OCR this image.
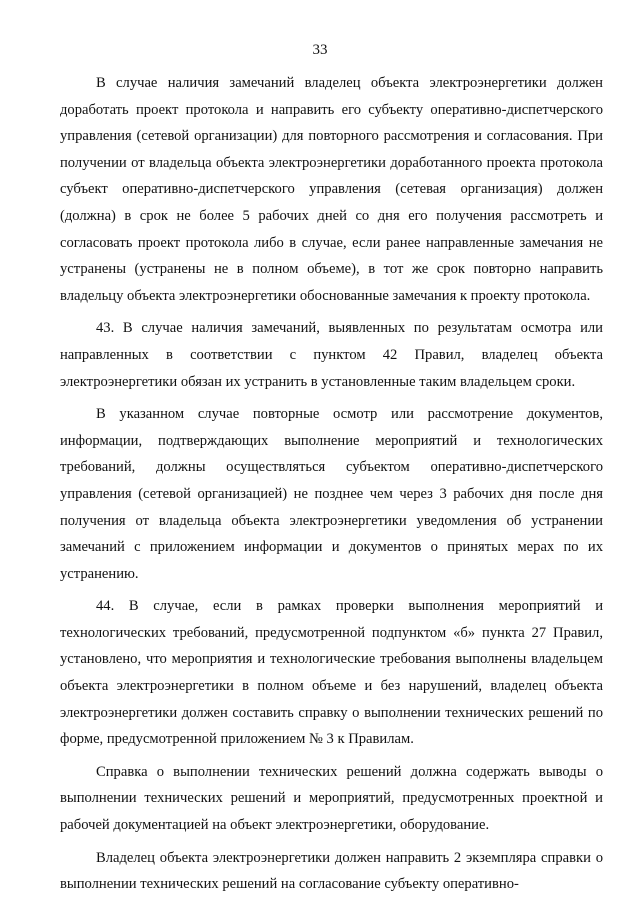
33

В случае наличия замечаний владелец объекта электроэнергетики должен доработать проект протокола и направить его субъекту оперативно-диспетчерского управления (сетевой организации) для повторного рассмотрения и согласования. При получении от владельца объекта электроэнергетики доработанного проекта протокола субъект оперативно-диспетчерского управления (сетевая организация) должен (должна) в срок не более 5 рабочих дней со дня его получения рассмотреть и согласовать проект протокола либо в случае, если ранее направленные замечания не устранены (устранены не в полном объеме), в тот же срок повторно направить владельцу объекта электроэнергетики обоснованные замечания к проекту протокола.

43. В случае наличия замечаний, выявленных по результатам осмотра или направленных в соответствии с пунктом 42 Правил, владелец объекта электроэнергетики обязан их устранить в установленные таким владельцем сроки.

В указанном случае повторные осмотр или рассмотрение документов, информации, подтверждающих выполнение мероприятий и технологических требований, должны осуществляться субъектом оперативно-диспетчерского управления (сетевой организацией) не позднее чем через 3 рабочих дня после дня получения от владельца объекта электроэнергетики уведомления об устранении замечаний с приложением информации и документов о принятых мерах по их устранению.

44. В случае, если в рамках проверки выполнения мероприятий и технологических требований, предусмотренной подпунктом «б» пункта 27 Правил, установлено, что мероприятия и технологические требования выполнены владельцем объекта электроэнергетики в полном объеме и без нарушений, владелец объекта электроэнергетики должен составить справку о выполнении технических решений по форме, предусмотренной приложением № 3 к Правилам.

Справка о выполнении технических решений должна содержать выводы о выполнении технических решений и мероприятий, предусмотренных проектной и рабочей документацией на объект электроэнергетики, оборудование.

Владелец объекта электроэнергетики должен направить 2 экземпляра справки о выполнении технических решений на согласование субъекту оперативно-
